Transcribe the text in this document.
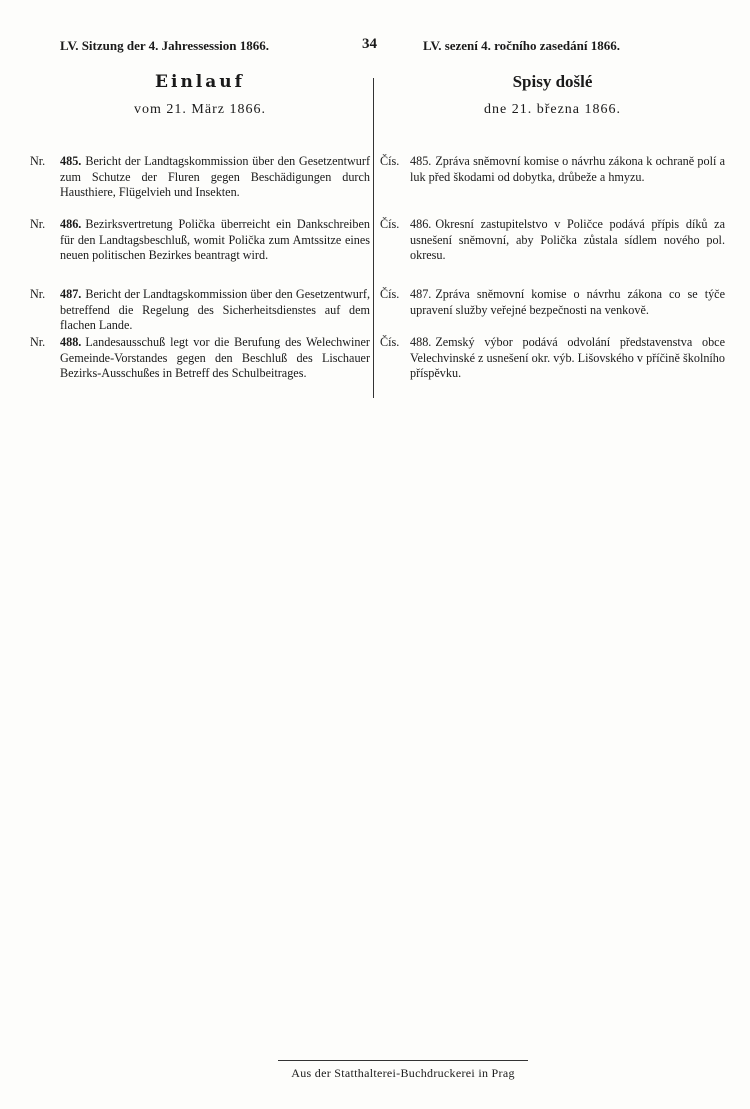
LV. Sitzung der 4. Jahressession 1866.	34	LV. sezení 4. ročního zasedání 1866.
Einlauf
vom 21. März 1866.
Nr.	485. Bericht der Landtagskommission über den Gesetzentwurf zum Schutze der Fluren gegen Beschädigungen durch Hausthiere, Flügelvieh und Insekten.
Nr.	486. Bezirksvertretung Polička überreicht ein Dankschreiben für den Landtagsbeschluß, womit Polička zum Amtssitze eines neuen politischen Bezirkes beantragt wird.
Nr.	487. Bericht der Landtagskommission über den Gesetzentwurf, betreffend die Regelung des Sicherheitsdienstes auf dem flachen Lande.
Nr.	488. Landesausschuß legt vor die Berufung des Welechwiner Gemeinde-Vorstandes gegen den Beschluß des Lischauer Bezirks-Ausschußes in Betreff des Schulbeitrages.
Spisy došlé
dne 21. března 1866.
Čís. 485. Zpráva sněmovní komise o návrhu zákona k ochraně polí a luk před škodami od dobytka, drůbeže a hmyzu.
Čís. 486. Okresní zastupitelstvo v Poličce podává přípis díků za usnešení sněmovní, aby Polička zůstala sídlem nového pol. okresu.
Čís. 487. Zpráva sněmovní komise o návrhu zákona co se týče upravení služby veřejné bezpečnosti na venkově.
Čís. 488. Zemský výbor podává odvolání představenstva obce Velechvinské z usnešení okr. výb. Lišovského v příčině školního příspěvku.
Aus der Statthalterei-Buchdruckerei in Prag
